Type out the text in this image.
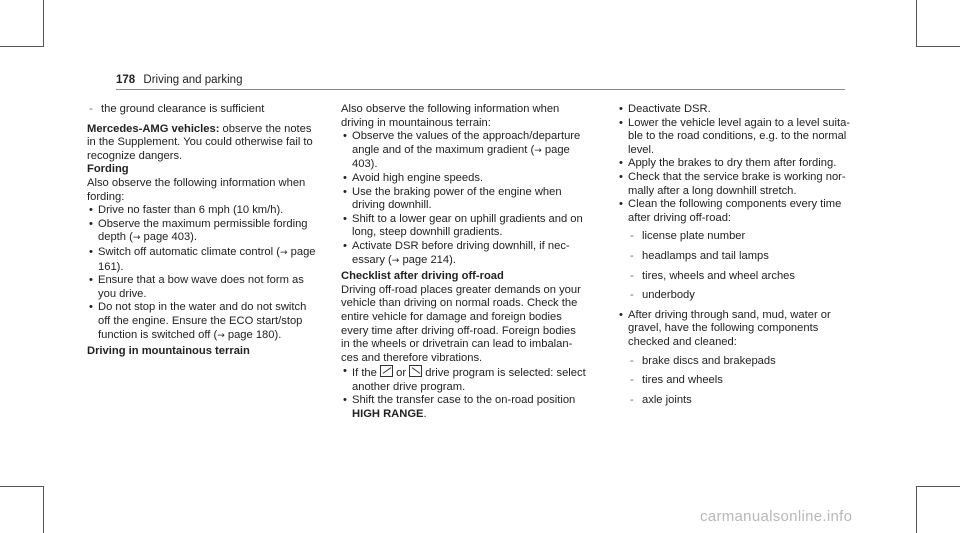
178 Driving and parking
- the ground clearance is sufficient

Mercedes-AMG vehicles: observe the notes in the Supplement. You could otherwise fail to recognize dangers.

Fording

Also observe the following information when fording:

• Drive no faster than 6 mph (10 km/h).
• Observe the maximum permissible fording depth (→ page 403).
• Switch off automatic climate control (→ page 161).
• Ensure that a bow wave does not form as you drive.
• Do not stop in the water and do not switch off the engine. Ensure the ECO start/stop function is switched off (→ page 180).

Driving in mountainous terrain

Also observe the following information when driving in mountainous terrain:

• Observe the values of the approach/departure angle and of the maximum gradient (→ page 403).
• Avoid high engine speeds.
• Use the braking power of the engine when driving downhill.
• Shift to a lower gear on uphill gradients and on long, steep downhill gradients.
• Activate DSR before driving downhill, if necessary (→ page 214).

Checklist after driving off-road

Driving off-road places greater demands on your vehicle than driving on normal roads. Check the entire vehicle for damage and foreign bodies every time after driving off-road. Foreign bodies in the wheels or drivetrain can lead to imbalances and therefore vibrations.

• If the  or  drive program is selected: select another drive program.
• Shift the transfer case to the on-road position HIGH RANGE.
• Deactivate DSR.
• Lower the vehicle level again to a level suitable to the road conditions, e.g. to the normal level.
• Apply the brakes to dry them after fording.
• Check that the service brake is working normally after a long downhill stretch.
• Clean the following components every time after driving off-road:
- license plate number
- headlamps and tail lamps
- tires, wheels and wheel arches
- underbody
• After driving through sand, mud, water or gravel, have the following components checked and cleaned:
- brake discs and brakepads
- tires and wheels
- axle joints
carmanualsonline.info
